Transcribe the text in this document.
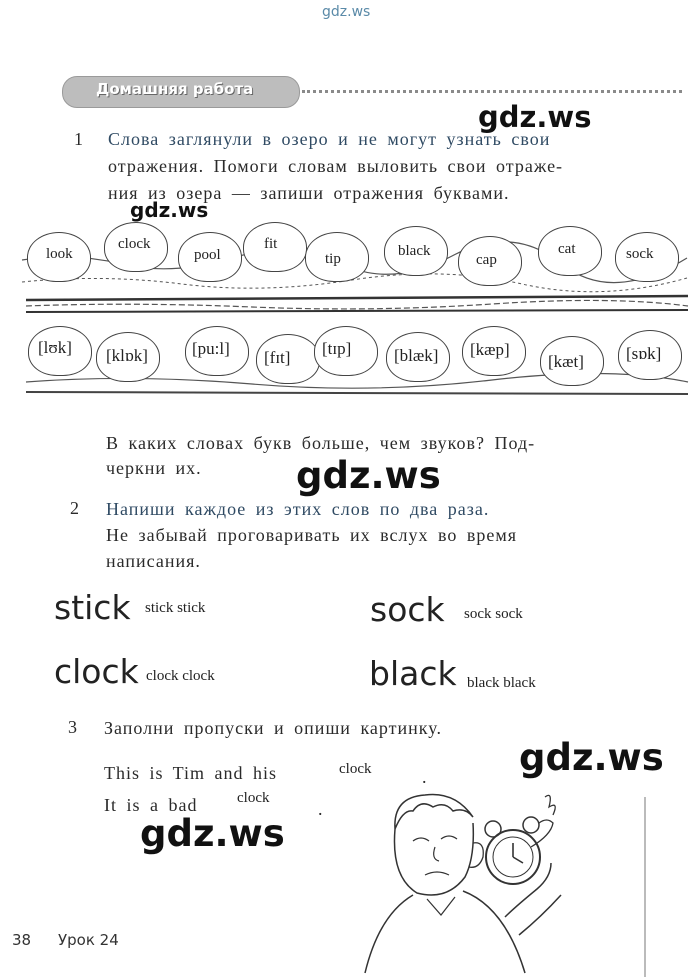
gdz.ws
Домашняя работа
gdz.ws
1 Слова заглянули в озеро и не могут узнать свои
отражения. Помоги словам выловить свои отраже-
ния из озера — запиши отражения буквами.
gdz.ws
look
clock
pool
fit
tip	black
cap
cat	sock
[lʊk] [klɒk]	[pu:l] [fɪt] [tɪp]	[blæk] [kæp]
[kæt] [sɒk]
В каких словах букв больше, чем звуков? Под-
черкни их.	gdz.ws
2 Напиши каждое из этих слов по два раза.
Не забывай проговаривать их вслух во время
написания.
stick stick stick	sock sock sock
clock clock clock	black black black
3 Заполни пропуски и опиши картинку.
gdz.ws
This is Tim and his	clock	.
It is a bad	clock
.
gdz.ws
38 Урок 24
